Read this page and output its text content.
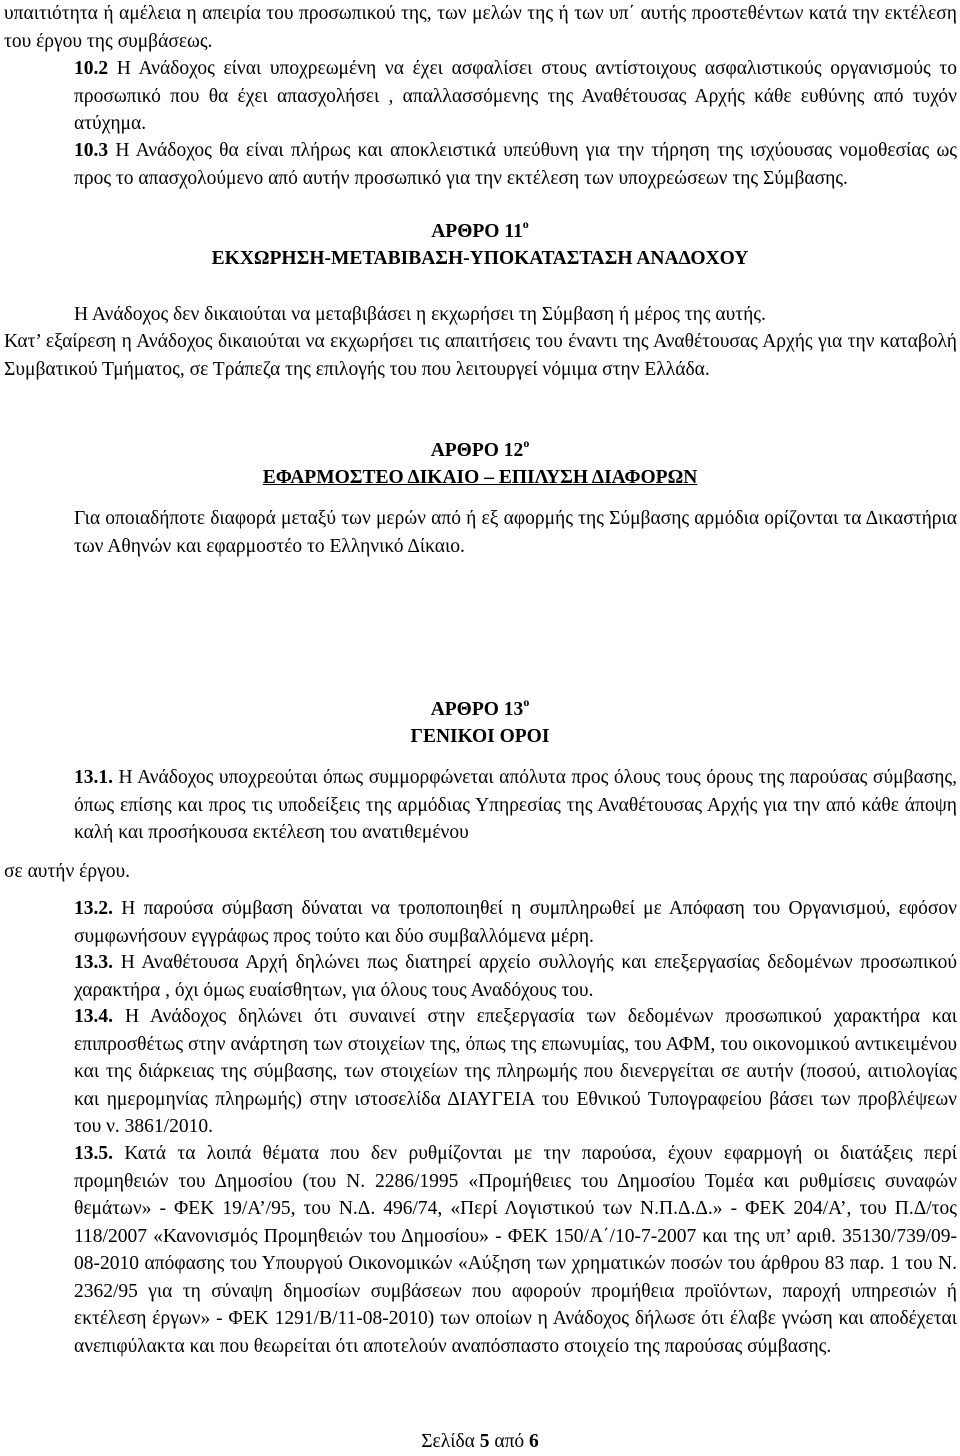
υπαιτιότητα ή αμέλεια η απειρία του προσωπικού της, των μελών της ή των υπ΄ αυτής προστεθέντων κατά την εκτέλεση του έργου της συμβάσεως.

10.2 Η Ανάδοχος είναι υποχρεωμένη να έχει ασφαλίσει στους αντίστοιχους ασφαλιστικούς οργανισμούς το προσωπικό που θα έχει απασχολήσει , απαλλασσόμενης της Αναθέτουσας Αρχής κάθε ευθύνης από τυχόν ατύχημα.

10.3 Η Ανάδοχος θα είναι πλήρως και αποκλειστικά υπεύθυνη για την τήρηση της ισχύουσας νομοθεσίας ως προς το απασχολούμενο από αυτήν προσωπικό για την εκτέλεση των υποχρεώσεων της Σύμβασης.

ΑΡΘΡΟ $11^o$

ΕΚΧΩΡΗΣΗ-ΜΕΤΑΒΙΒΑΣΗ-ΥΠΟΚΑΤΑΣΤΑΣΗ ΑΝΑΔΟΧΟΥ

Η Ανάδοχος δεν δικαιούται να μεταβιβάσει η εκχωρήσει τη Σύμβαση ή μέρος της αυτής.

Κατ’ εξαίρεση η Ανάδοχος δικαιούται να εκχωρήσει τις απαιτήσεις του έναντι της Αναθέτουσας Αρχής για την καταβολή Συμβατικού Τμήματος, σε Τράπεζα της επιλογής του που λειτουργεί νόμιμα στην Ελλάδα.

ΑΡΘΡΟ $12^o$

ΕΦΑΡΜΟΣΤΕΟ ΔΙΚΑΙΟ – ΕΠΙΛΥΣΗ ΔΙΑΦΟΡΩΝ

Για οποιαδήποτε διαφορά μεταξύ των μερών από ή εξ αφορμής της Σύμβασης αρμόδια ορίζονται τα Δικαστήρια των Αθηνών και εφαρμοστέο το Ελληνικό Δίκαιο.

ΑΡΘΡΟ $13^o$

ΓΕΝΙΚΟΙ ΟΡΟΙ

13.1. Η Ανάδοχος υποχρεούται όπως συμμορφώνεται απόλυτα προς όλους τους όρους της παρούσας σύμβασης, όπως επίσης και προς τις υποδείξεις της αρμόδιας Υπηρεσίας της Αναθέτουσας Αρχής για την από κάθε άποψη καλή και προσήκουσα εκτέλεση του ανατιθεμένου

σε αυτήν έργου.

13.2. Η παρούσα σύμβαση δύναται να τροποποιηθεί η συμπληρωθεί με Απόφαση του Οργανισμού, εφόσον συμφωνήσουν εγγράφως προς τούτο και δύο συμβαλλόμενα μέρη.

13.3. Η Αναθέτουσα Αρχή δηλώνει πως διατηρεί αρχείο συλλογής και επεξεργασίας δεδομένων προσωπικού χαρακτήρα , όχι όμως ευαίσθητων, για όλους τους Αναδόχους του.

13.4. Η Ανάδοχος δηλώνει ότι συναινεί στην επεξεργασία των δεδομένων προσωπικού χαρακτήρα και επιπροσθέτως στην ανάρτηση των στοιχείων της, όπως της επωνυμίας, του ΑΦΜ, του οικονομικού αντικειμένου και της διάρκειας της σύμβασης, των στοιχείων της πληρωμής που διενεργείται σε αυτήν (ποσού, αιτιολογίας και ημερομηνίας πληρωμής) στην ιστοσελίδα ΔΙΑΥΓΕΙΑ του Εθνικού Τυπογραφείου βάσει των προβλέψεων του ν. 3861/2010.

13.5. Κατά τα λοιπά θέματα που δεν ρυθμίζονται με την παρούσα, έχουν εφαρμογή οι διατάξεις περί προμηθειών του Δημοσίου (του Ν. 2286/1995 «Προμήθειες του Δημοσίου Τομέα και ρυθμίσεις συναφών θεμάτων» - ΦΕΚ 19/Α’/95, του Ν.Δ. 496/74, «Περί Λογιστικού των Ν.Π.Δ.Δ.» - ΦΕΚ 204/Α’, του Π.Δ/τος 118/2007 «Κανονισμός Προμηθειών του Δημοσίου» - ΦΕΚ 150/Α΄/10-7-2007 και της υπ’ αριθ. 35130/739/09-08-2010 απόφασης του Υπουργού Οικονομικών «Αύξηση των χρηματικών ποσών του άρθρου 83 παρ. 1 του Ν. 2362/95 για τη σύναψη δημοσίων συμβάσεων που αφορούν προμήθεια προϊόντων, παροχή υπηρεσιών ή εκτέλεση έργων» - ΦΕΚ 1291/Β/11-08-2010) των οποίων η Ανάδοχος δήλωσε ότι έλαβε γνώση και αποδέχεται ανεπιφύλακτα και που θεωρείται ότι αποτελούν αναπόσπαστο στοιχείο της παρούσας σύμβασης.

Σελίδα 5 από 6
